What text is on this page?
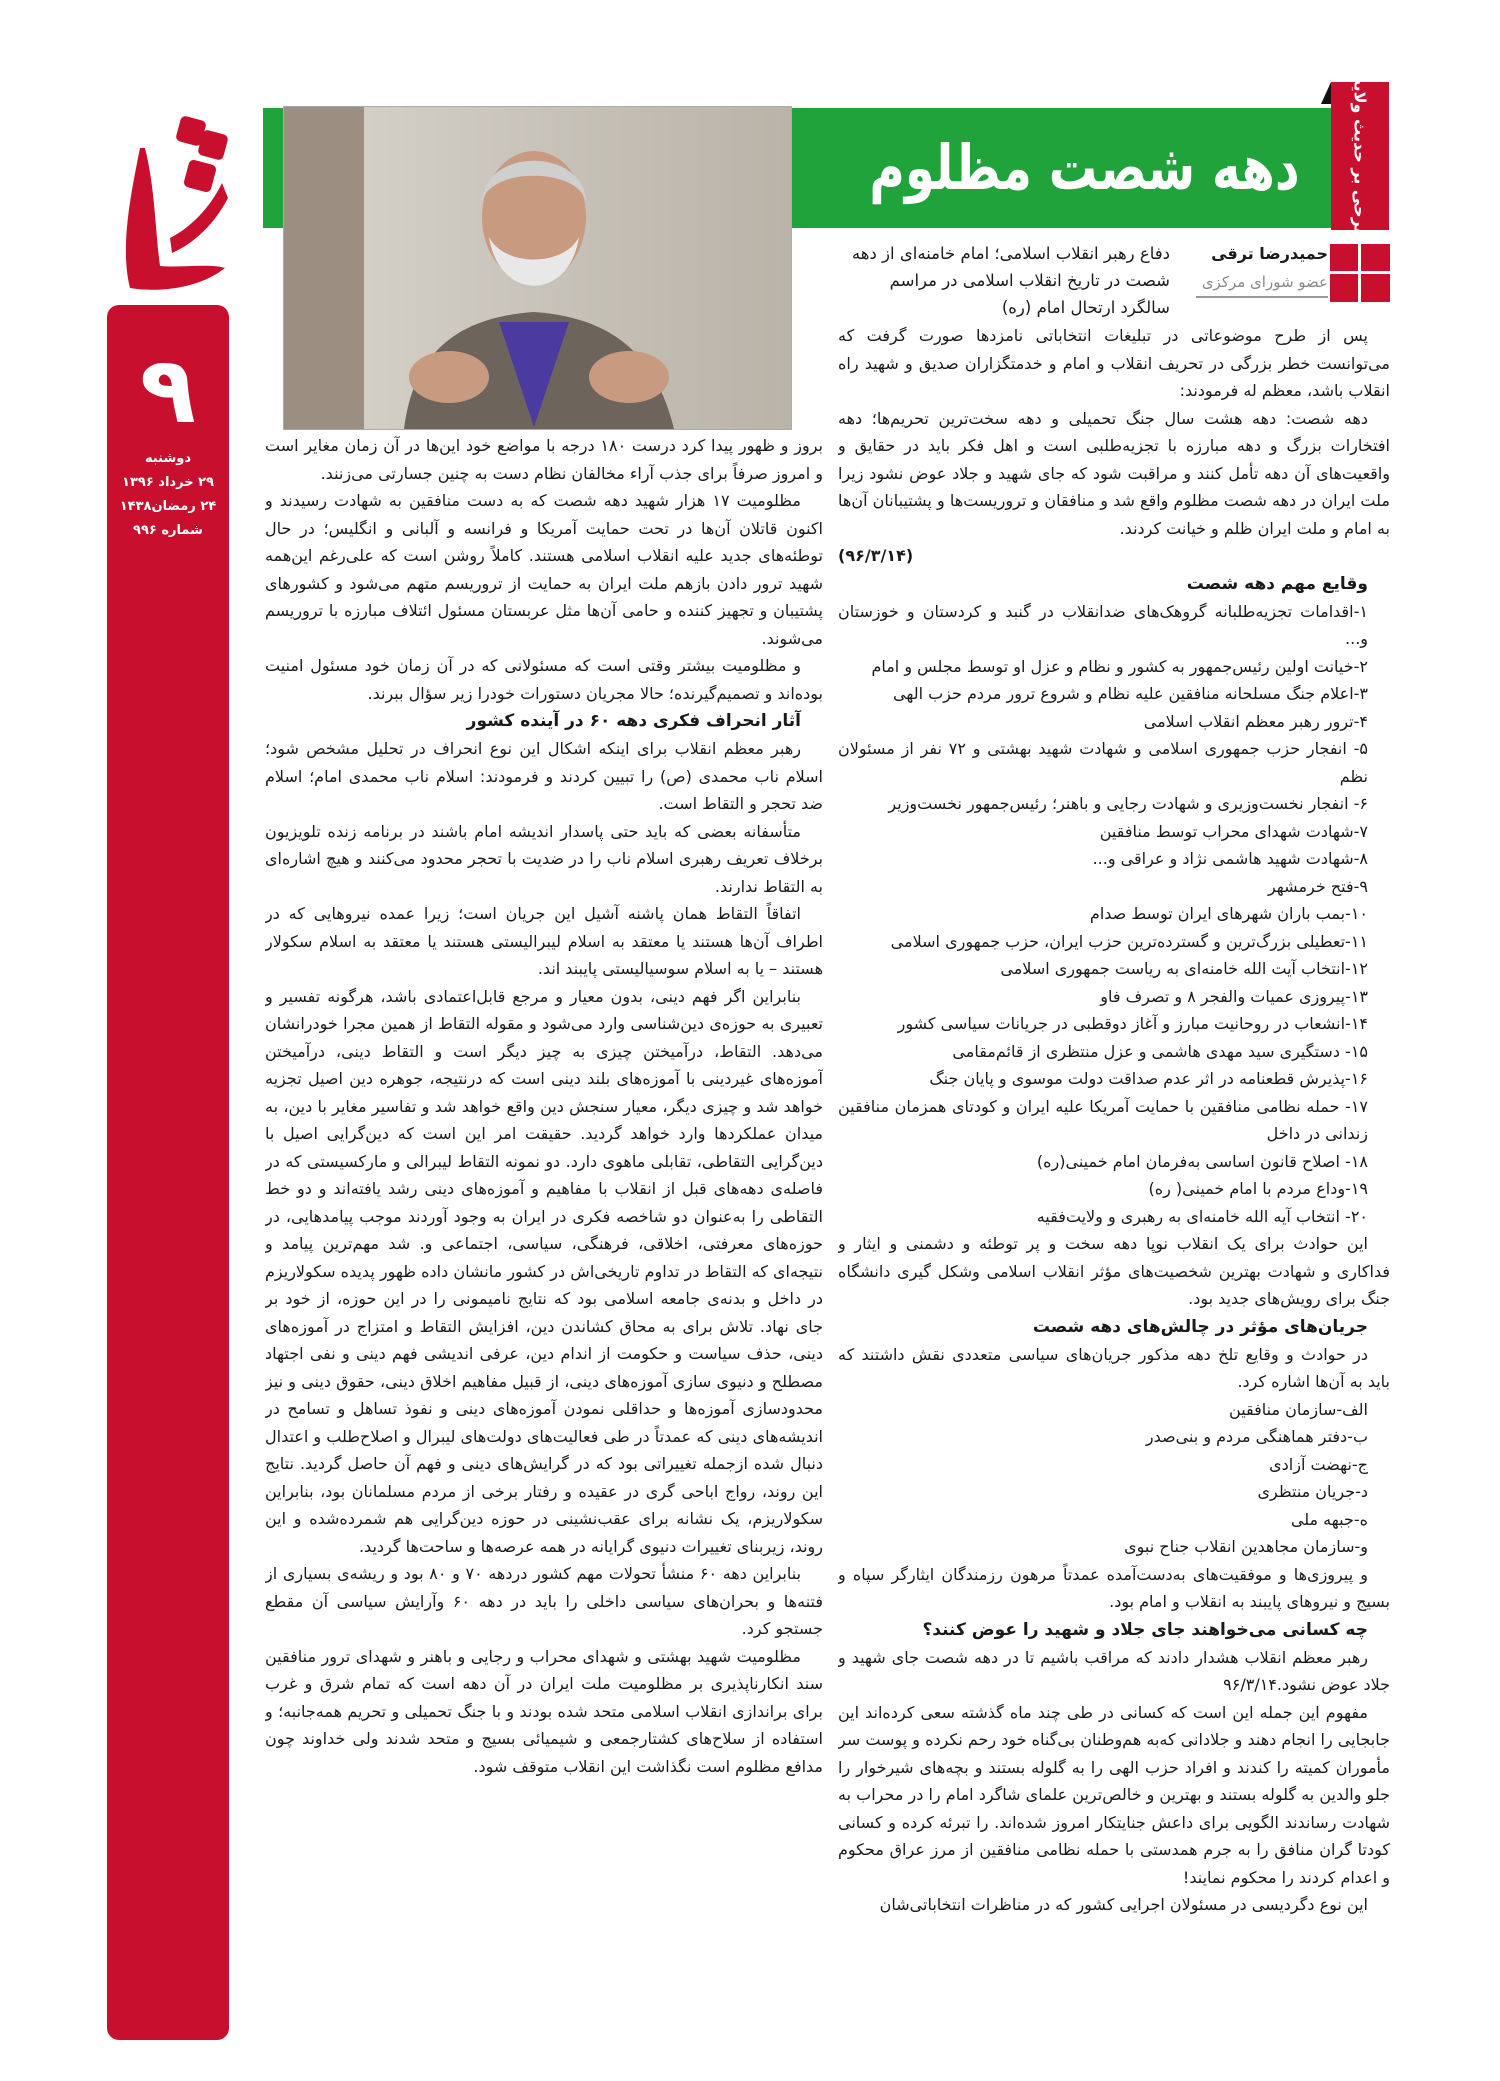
۹
دوشنبه
۲۹ خرداد ۱۳۹۶
۲۴ رمضان۱۴۳۸
شماره ۹۹۶
شرحی بر حدیث ولایت
دهه شصت مظلوم
حمیدرضا ترقی
عضو شورای مرکزی
دفاع رهبر انقلاب اسلامی؛ امام خامنه‌ای از دهه شصت در تاریخ انقلاب اسلامی در مراسم سالگرد ارتحال امام (ره)

پس از طرح موضوعاتی در تبلیغات انتخاباتی نامزدها صورت گرفت که می‌توانست خطر بزرگی در تحریف انقلاب و امام و خدمتگزاران صدیق و شهید راه انقلاب باشد، معظم له فرمودند:

دهه شصت: دهه هشت سال جنگ تحمیلی و دهه سخت‌ترین تحریم‌ها؛ دهه افتخارات بزرگ و دهه مبارزه با تجزیه‌طلبی است و اهل فکر باید در حقایق و واقعیت‌های آن دهه تأمل کنند و مراقبت شود که جای شهید و جلاد عوض نشود زیرا ملت ایران در دهه شصت مظلوم واقع شد و منافقان و تروریست‌ها و پشتیبانان آن‌ها به امام و ملت ایران ظلم و خیانت کردند.

(۹۶/۳/۱۴)

وقایع مهم دهه شصت

۱-اقدامات تجزیه‌طلبانه گروهک‌های ضدانقلاب در گنبد و کردستان و خوزستان و...

۲-خیانت اولین رئیس‌جمهور به کشور و نظام و عزل او توسط مجلس و امام

۳-اعلام جنگ مسلحانه منافقین علیه نظام و شروع ترور مردم حزب الهی

۴-ترور رهبر معظم انقلاب اسلامی

۵- انفجار حزب جمهوری اسلامی و شهادت شهید بهشتی و ۷۲ نفر از مسئولان نظم

۶- انفجار نخست‌وزیری و شهادت رجایی و باهنر؛ رئیس‌جمهور نخست‌وزیر

۷-شهادت شهدای محراب توسط منافقین

۸-شهادت شهید هاشمی نژاد و عراقی و...

۹-فتح خرمشهر

۱۰-بمب باران شهرهای ایران توسط صدام

۱۱-تعطیلی بزرگ‌ترین و گسترده‌ترین حزب ایران، حزب جمهوری اسلامی

۱۲-انتخاب آیت الله خامنه‌ای به ریاست جمهوری اسلامی

۱۳-پیروزی عمیات والفجر ۸ و تصرف فاو

۱۴-انشعاب در روحانیت مبارز و آغاز دوقطبی در جریانات سیاسی کشور

۱۵- دستگیری سید مهدی هاشمی و عزل منتظری از قائم‌مقامی

۱۶-پذیرش قطعنامه در اثر عدم صداقت دولت موسوی و پایان جنگ

۱۷- حمله نظامی منافقین با حمایت آمریکا علیه ایران و کودتای همزمان منافقین زندانی در داخل

۱۸- اصلاح قانون اساسی به‌فرمان امام خمینی(ره)

۱۹-وداع مردم با امام خمینی( ره)

۲۰- انتخاب آیه الله خامنه‌ای به رهبری و ولایت‌فقیه

این حوادث برای یک انقلاب نوپا دهه سخت و پر توطئه و دشمنی و ایثار و فداکاری و شهادت بهترین شخصیت‌های مؤثر انقلاب اسلامی وشکل گیری دانشگاه جنگ برای رویش‌های جدید بود.

جریان‌های مؤثر در چالش‌های دهه شصت

در حوادث و وقایع تلخ دهه مذکور جریان‌های سیاسی متعددی نقش داشتند که باید به آن‌ها اشاره کرد.

الف-سازمان منافقین

ب-دفتر هماهنگی مردم و بنی‌صدر

ج-نهضت آزادی

د-جریان منتظری

ه-جبهه ملی

و-سازمان مجاهدین انقلاب جناح نبوی

و پیروزی‌ها و موفقیت‌های به‌دست‌آمده عمدتاً مرهون رزمندگان ایثارگر سپاه و بسیج و نیروهای پایبند به انقلاب و امام بود.

چه کسانی می‌خواهند جای جلاد و شهید را عوض کنند؟

رهبر معظم انقلاب هشدار دادند که مراقب باشیم تا در دهه شصت جای شهید و جلاد عوض نشود.۹۶/۳/۱۴

مفهوم این جمله این است که کسانی در طی چند ماه گذشته سعی کرده‌اند این جابجایی را انجام دهند و جلادانی که‌به هم‌وطنان بی‌گناه خود رحم نکرده و پوست سر مأموران کمیته را کندند و افراد حزب الهی را به گلوله بستند و بچه‌های شیرخوار را جلو والدین به گلوله بستند و بهترین و خالص‌ترین علمای شاگرد امام را در محراب به شهادت رساندند الگویی برای داعش جنایتکار امروز شده‌اند. را تبرئه کرده و کسانی کودتا گران منافق را به جرم همدستی با حمله نظامی منافقین از مرز عراق محکوم و اعدام کردند را محکوم نمایند!

این نوع دگردیسی در مسئولان اجرایی کشور که در مناظرات انتخاباتی‌شان

بروز و ظهور پیدا کرد درست ۱۸۰ درجه با مواضع خود این‌ها در آن زمان مغایر است و امروز صرفاً برای جذب آراء مخالفان نظام دست به چنین جسارتی می‌زنند.

مظلومیت ۱۷ هزار شهید دهه شصت که به دست منافقین به شهادت رسیدند و اکنون قاتلان آن‌ها در تحت حمایت آمریکا و فرانسه و آلبانی و انگلیس؛ در حال توطئه‌های جدید علیه انقلاب اسلامی هستند. کاملاً روشن است که علی‌رغم این‌همه شهید ترور دادن بازهم ملت ایران به حمایت از تروریسم متهم می‌شود و کشورهای پشتیبان و تجهیز کننده و حامی آن‌ها مثل عربستان مسئول ائتلاف مبارزه با تروریسم می‌شوند.

و مظلومیت بیشتر وقتی است که مسئولانی که در آن زمان خود مسئول امنیت بوده‌اند و تصمیم‌گیرنده؛ حالا مجریان دستورات خودرا زیر سؤال ببرند.

آثار انحراف فکری دهه ۶۰ در آینده کشور

رهبر معظم انقلاب برای اینکه اشکال این نوع انحراف در تحلیل مشخص شود؛ اسلام ناب محمدی (ص) را تبیین کردند و فرمودند: اسلام ناب محمدی امام؛ اسلام ضد تحجر و التقاط است.

متأسفانه بعضی که باید حتی پاسدار اندیشه امام باشند در برنامه زنده تلویزیون برخلاف تعریف رهبری اسلام ناب را در ضدیت با تحجر محدود می‌کنند و هیچ اشاره‌ای به التقاط ندارند.

اتفاقاً التقاط همان پاشنه آشیل این جریان است؛ زیرا عمده نیروهایی که در اطراف آن‌ها هستند یا معتقد به اسلام لیبرالیستی هستند یا معتقد به اسلام سکولار هستند – یا به اسلام سوسیالیستی پایبند اند.

بنابراین اگر فهم دینی، بدون معیار و مرجع قابل‌اعتمادی باشد، هرگونه تفسیر و تعبیری به حوزه‌ی دین‌شناسی وارد می‌شود و مقوله التقاط از همین مجرا خودرانشان می‌دهد. التقاط، درآمیختن چیزی به چیز دیگر است و التقاط دینی، درآمیختن آموزه‌های غیردینی با آموزه‌های بلند دینی است که درنتیجه، جوهره دین اصیل تجزیه خواهد شد و چیزی دیگر، معیار سنجش دین واقع خواهد شد و تفاسیر مغایر با دین، به میدان عملکردها وارد خواهد گردید. حقیقت امر این است که دین‌گرایی اصیل با دین‌گرایی التقاطی، تقابلی ماهوی دارد. دو نمونه التقاط لیبرالی و مارکسیستی که در فاصله‌ی دهه‌های قبل از انقلاب با مفاهیم و آموزه‌های دینی رشد یافته‌اند و دو خط التقاطی را به‌عنوان دو شاخصه فکری در ایران به وجود آوردند موجب پیامدهایی، در حوزه‌های معرفتی، اخلاقی، فرهنگی، سیاسی، اجتماعی و. شد مهم‌ترین پیامد و نتیجه‌ای که التقاط در تداوم تاریخی‌اش در کشور مانشان داده ظهور پدیده سکولاریزم در داخل و بدنه‌ی جامعه اسلامی بود که نتایج نامیمونی را در این حوزه، از خود بر جای نهاد. تلاش برای به محاق کشاندن دین، افزایش التقاط و امتزاج در آموزه‌های دینی، حذف سیاست و حکومت از اندام دین، عرفی اندیشی فهم دینی و نفی اجتهاد مصطلح و دنیوی سازی آموزه‌های دینی، از قبیل مفاهیم اخلاق دینی، حقوق دینی و نیز محدودسازی آموزه‌ها و حداقلی نمودن آموزه‌های دینی و نفوذ تساهل و تسامح در اندیشه‌های دینی که عمدتاً در طی فعالیت‌های دولت‌های لیبرال و اصلاح‌طلب و اعتدال دنبال شده ازجمله تغییراتی بود که در گرایش‌های دینی و فهم آن حاصل گردید. نتایج این روند، رواج اباحی گری در عقیده و رفتار برخی از مردم مسلمانان بود، بنابراین سکولاریزم، یک نشانه برای عقب‌نشینی در حوزه دین‌گرایی هم شمرده‌شده و این روند، زیربنای تغییرات دنیوی گرایانه در همه عرصه‌ها و ساحت‌ها گردید.

بنابراین دهه ۶۰ منشأ تحولات مهم کشور دردهه ۷۰ و ۸۰ بود و ریشه‌ی بسیاری از فتنه‌ها و بحران‌های سیاسی داخلی را باید در دهه ۶۰ وآرایش سیاسی آن مقطع جستجو کرد.

مظلومیت شهید بهشتی و شهدای محراب و رجایی و باهنر و شهدای ترور منافقین سند انکارناپذیری بر مظلومیت ملت ایران در آن دهه است که تمام شرق و غرب برای براندازی انقلاب اسلامی متحد شده بودند و با جنگ تحمیلی و تحریم همه‌جانبه؛ و استفاده از سلاح‌های کشتارجمعی و شیمیائی بسیج و متحد شدند ولی خداوند چون مدافع مظلوم است نگذاشت این انقلاب متوقف شود.
